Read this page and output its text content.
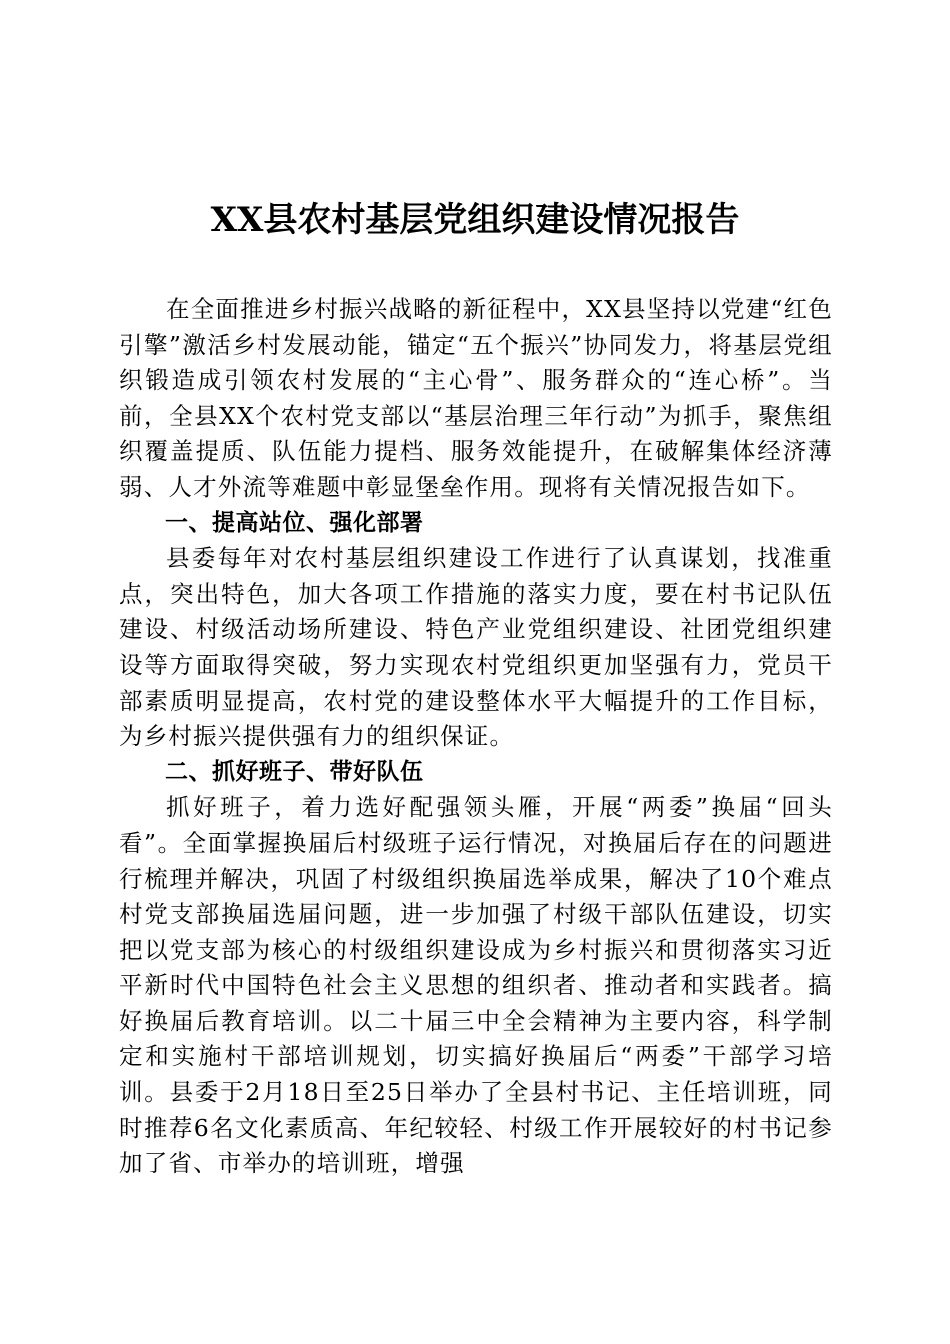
XX县农村基层党组织建设情况报告

在全面推进乡村振兴战略的新征程中，XX县坚持以党建“红色引擎”激活乡村发展动能，锚定“五个振兴”协同发力，将基层党组织锻造成引领农村发展的“主心骨”、服务群众的“连心桥”。当前，全县XX个农村党支部以“基层治理三年行动”为抓手，聚焦组织覆盖提质、队伍能力提档、服务效能提升，在破解集体经济薄弱、人才外流等难题中彰显堡垒作用。现将有关情况报告如下。

一、提高站位、强化部署

县委每年对农村基层组织建设工作进行了认真谋划，找准重点，突出特色，加大各项工作措施的落实力度，要在村书记队伍建设、村级活动场所建设、特色产业党组织建设、社团党组织建设等方面取得突破，努力实现农村党组织更加坚强有力，党员干部素质明显提高，农村党的建设整体水平大幅提升的工作目标，为乡村振兴提供强有力的组织保证。

二、抓好班子、带好队伍

抓好班子，着力选好配强领头雁，开展“两委”换届“回头看”。全面掌握换届后村级班子运行情况，对换届后存在的问题进行梳理并解决，巩固了村级组织换届选举成果，解决了10个难点村党支部换届选届问题，进一步加强了村级干部队伍建设，切实把以党支部为核心的村级组织建设成为乡村振兴和贯彻落实习近平新时代中国特色社会主义思想的组织者、推动者和实践者。搞好换届后教育培训。以二十届三中全会精神为主要内容，科学制定和实施村干部培训规划，切实搞好换届后“两委”干部学习培训。县委于2月18日至25日举办了全县村书记、主任培训班，同时推荐6名文化素质高、年纪较轻、村级工作开展较好的村书记参加了省、市举办的培训班，增强
